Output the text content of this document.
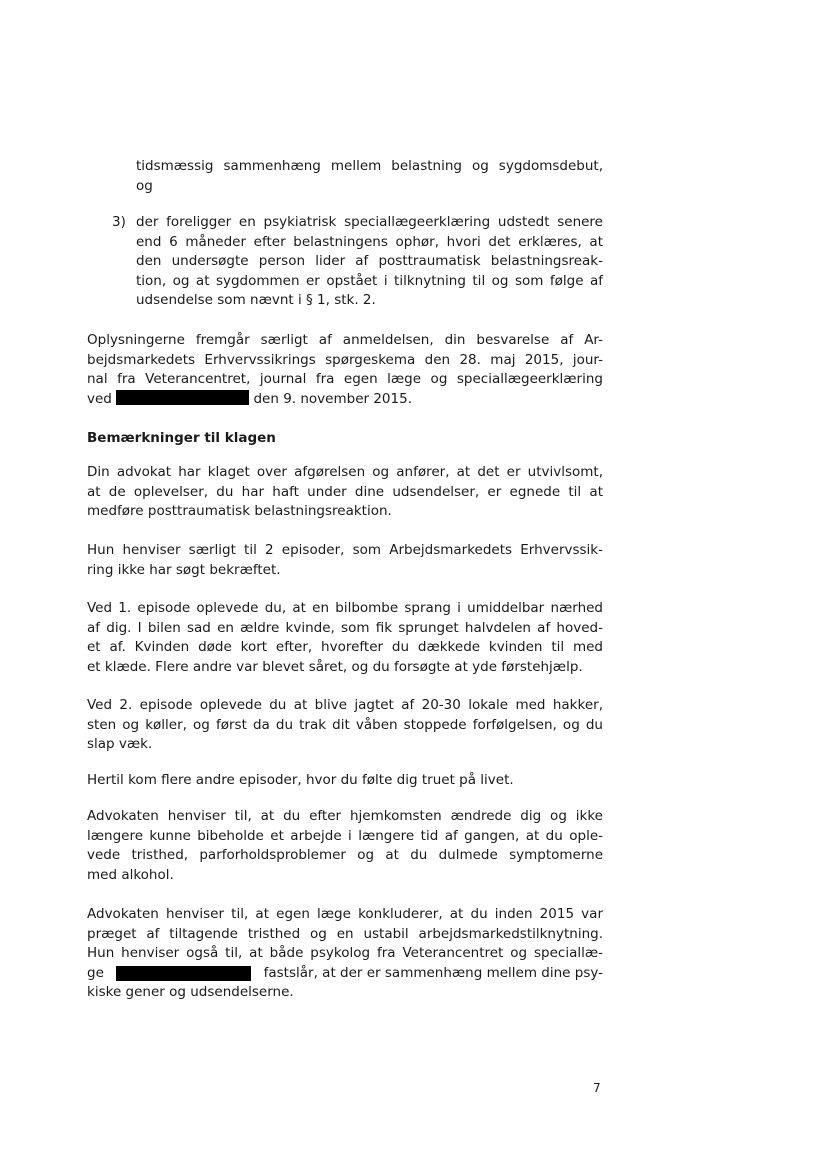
tidsmæssig sammenhæng mellem belastning og sygdomsdebut,
og
3) der foreligger en psykiatrisk speciallægeerklæring udstedt senere
end 6 måneder efter belastningens ophør, hvori det erklæres, at
den undersøgte person lider af posttraumatisk belastningsreak-
tion, og at sygdommen er opstået i tilknytning til og som følge af
udsendelse som nævnt i § 1, stk. 2.
Oplysningerne fremgår særligt af anmeldelsen, din besvarelse af Ar-
bejdsmarkedets Erhvervssikrings spørgeskema den 28. maj 2015, jour-
nal fra Veterancentret, journal fra egen læge og speciallægeerklæring
ved	den 9. november 2015.
Bemærkninger til klagen
Din advokat har klaget over afgørelsen og anfører, at det er utvivlsomt,
at de oplevelser, du har haft under dine udsendelser, er egnede til at
medføre posttraumatisk belastningsreaktion.
Hun henviser særligt til 2 episoder, som Arbejdsmarkedets Erhvervssik-
ring ikke har søgt bekræftet.
Ved 1. episode oplevede du, at en bilbombe sprang i umiddelbar nærhed
af dig. I bilen sad en ældre kvinde, som fik sprunget halvdelen af hoved-
et af. Kvinden døde kort efter, hvorefter du dækkede kvinden til med
et klæde. Flere andre var blevet såret, og du forsøgte at yde førstehjælp.
Ved 2. episode oplevede du at blive jagtet af 20-30 lokale med hakker,
sten og køller, og først da du trak dit våben stoppede forfølgelsen, og du
slap væk.
Hertil kom flere andre episoder, hvor du følte dig truet på livet.
Advokaten henviser til, at du efter hjemkomsten ændrede dig og ikke
længere kunne bibeholde et arbejde i længere tid af gangen, at du ople-
vede tristhed, parforholdsproblemer og at du dulmede symptomerne
med alkohol.
Advokaten henviser til, at egen læge konkluderer, at du inden 2015 var
præget af tiltagende tristhed og en ustabil arbejdsmarkedstilknytning.
Hun henviser også til, at både psykolog fra Veterancentret og speciallæ-
ge	fastslår, at der er sammenhæng mellem dine psy-
kiske gener og udsendelserne.
7
